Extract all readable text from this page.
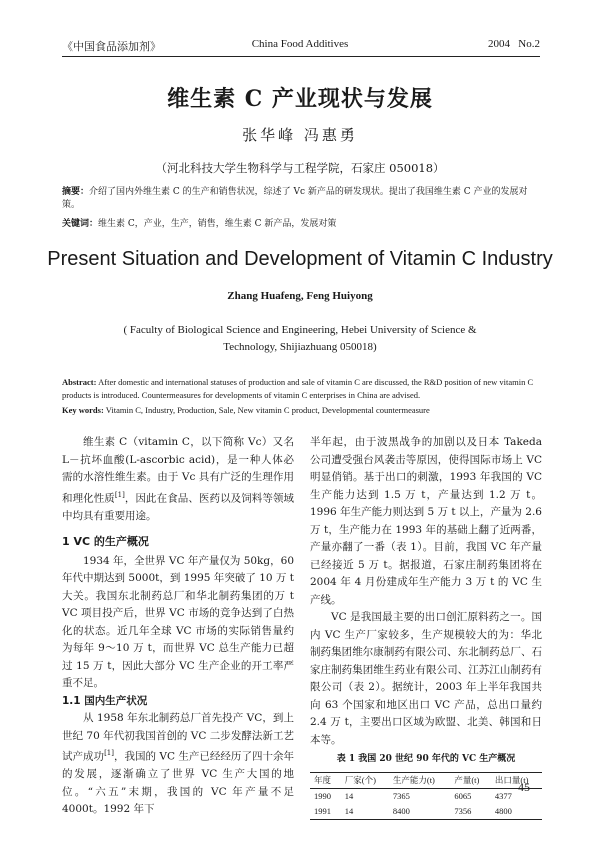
《中国食品添加剂》	China Food Additives	2004   No.2
维生素 C 产业现状与发展
张华峰 冯惠勇
（河北科技大学生物科学与工程学院，石家庄 050018）
摘要：介绍了国内外维生素 C 的生产和销售状况，综述了 Vc 新产品的研发现状。提出了我国维生素 C 产业的发展对策。
关键词：维生素 C，产业，生产，销售，维生素 C 新产品，发展对策
Present Situation and Development of Vitamin C Industry
Zhang Huafeng, Feng Huiyong
( Faculty of Biological Science and Engineering, Hebei University of Science & Technology, Shijiazhuang 050018)
Abstract: After domestic and international statuses of production and sale of vitamin C are discussed, the R&D position of new vitamin C products is introduced. Countermeasures for developments of vitamin C enterprises in China are advised.
Key words: Vitamin C, Industry, Production, Sale, New vitamin C product, Developmental countermeasure

维生素 C（vitamin C，以下简称 Vc）又名 L－抗坏血酸(L-ascorbic acid)，是一种人体必需的水溶性维生素。由于 Vc 具有广泛的生理作用和理化性质[1]，因此在食品、医药以及饲料等领域中均具有重要用途。

1 VC 的生产概况

1934 年，全世界 VC 年产量仅为 50kg，60 年代中期达到 5000t，到 1995 年突破了 10 万 t 大关。我国东北制药总厂和华北制药集团的万 t VC 项目投产后，世界 VC 市场的竞争达到了白热化的状态。近几年全球 VC 市场的实际销售量约为每年 9～10 万 t，而世界 VC 总生产能力已超过 15 万 t，因此大部分 VC 生产企业的开工率严重不足。

1.1 国内生产状况

从 1958 年东北制药总厂首先投产 VC，到上世纪 70 年代初我国首创的 VC 二步发酵法新工艺试产成功[1]，我国的 VC 生产已经经历了四十余年的发展，逐渐确立了世界 VC 生产大国的地位。“六五”末期，我国的 VC 年产量不足 4000t。1992 年下

半年起，由于波黑战争的加剧以及日本 Takeda 公司遭受强台风袭击等原因，使得国际市场上 VC 明显俏销。基于出口的刺激，1993 年我国的 VC 生产能力达到 1.5 万 t，产量达到 1.2 万 t。1996 年生产能力则达到 5 万 t 以上，产量为 2.6 万 t，生产能力在 1993 年的基础上翻了近两番，产量亦翻了一番（表 1）。目前，我国 VC 年产量已经接近 5 万 t。据报道，石家庄制药集团将在 2004 年 4 月份建成年生产能力 3 万 t 的 VC 生产线。

VC 是我国最主要的出口创汇原料药之一。国内 VC 生产厂家较多，生产规模较大的为：华北制药集团维尔康制药有限公司、东北制药总厂、石家庄制药集团维生药业有限公司、江苏江山制药有限公司（表 2）。据统计，2003 年上半年我国共向 63 个国家和地区出口 VC 产品，总出口量约 2.4 万 t，主要出口区域为欧盟、北美、韩国和日本等。

表 1 我国 20 世纪 90 年代的 VC 生产概况
年度	厂家(个)	生产能力(t)	产量(t)	出口量(t)
1990	14	7365	6065	4377
1991	14	8400	7356	4800
45
